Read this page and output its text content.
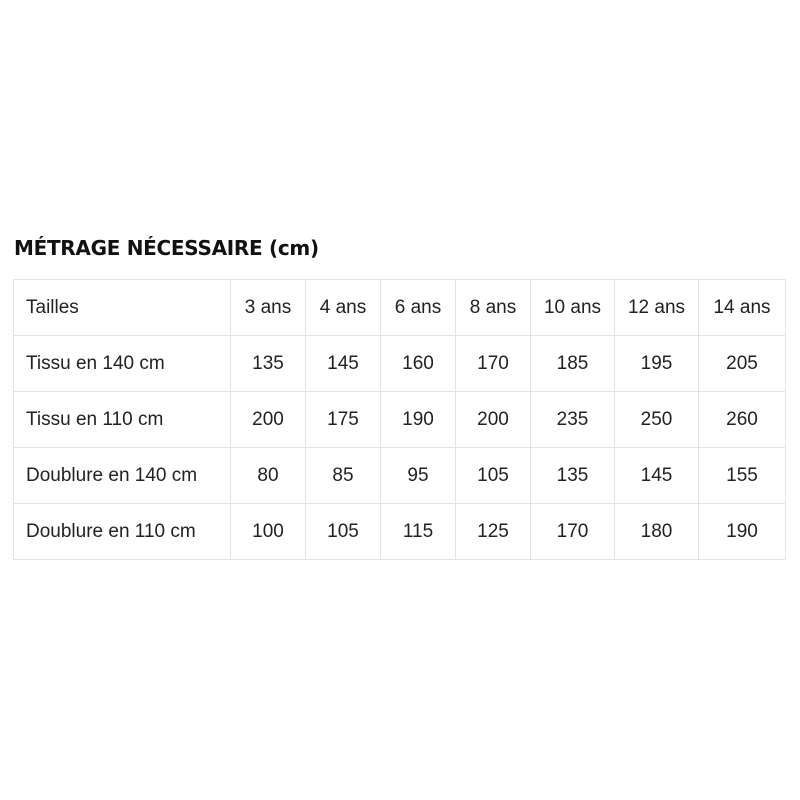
MÉTRAGE NÉCESSAIRE (cm)
Tailles	3 ans	4 ans	6 ans	8 ans	10 ans	12 ans	14 ans
Tissu en 140 cm	135	145	160	170	185	195	205
Tissu en 110 cm	200	175	190	200	235	250	260
Doublure en 140 cm	80	85	95	105	135	145	155
Doublure en 110 cm	100	105	115	125	170	180	190
